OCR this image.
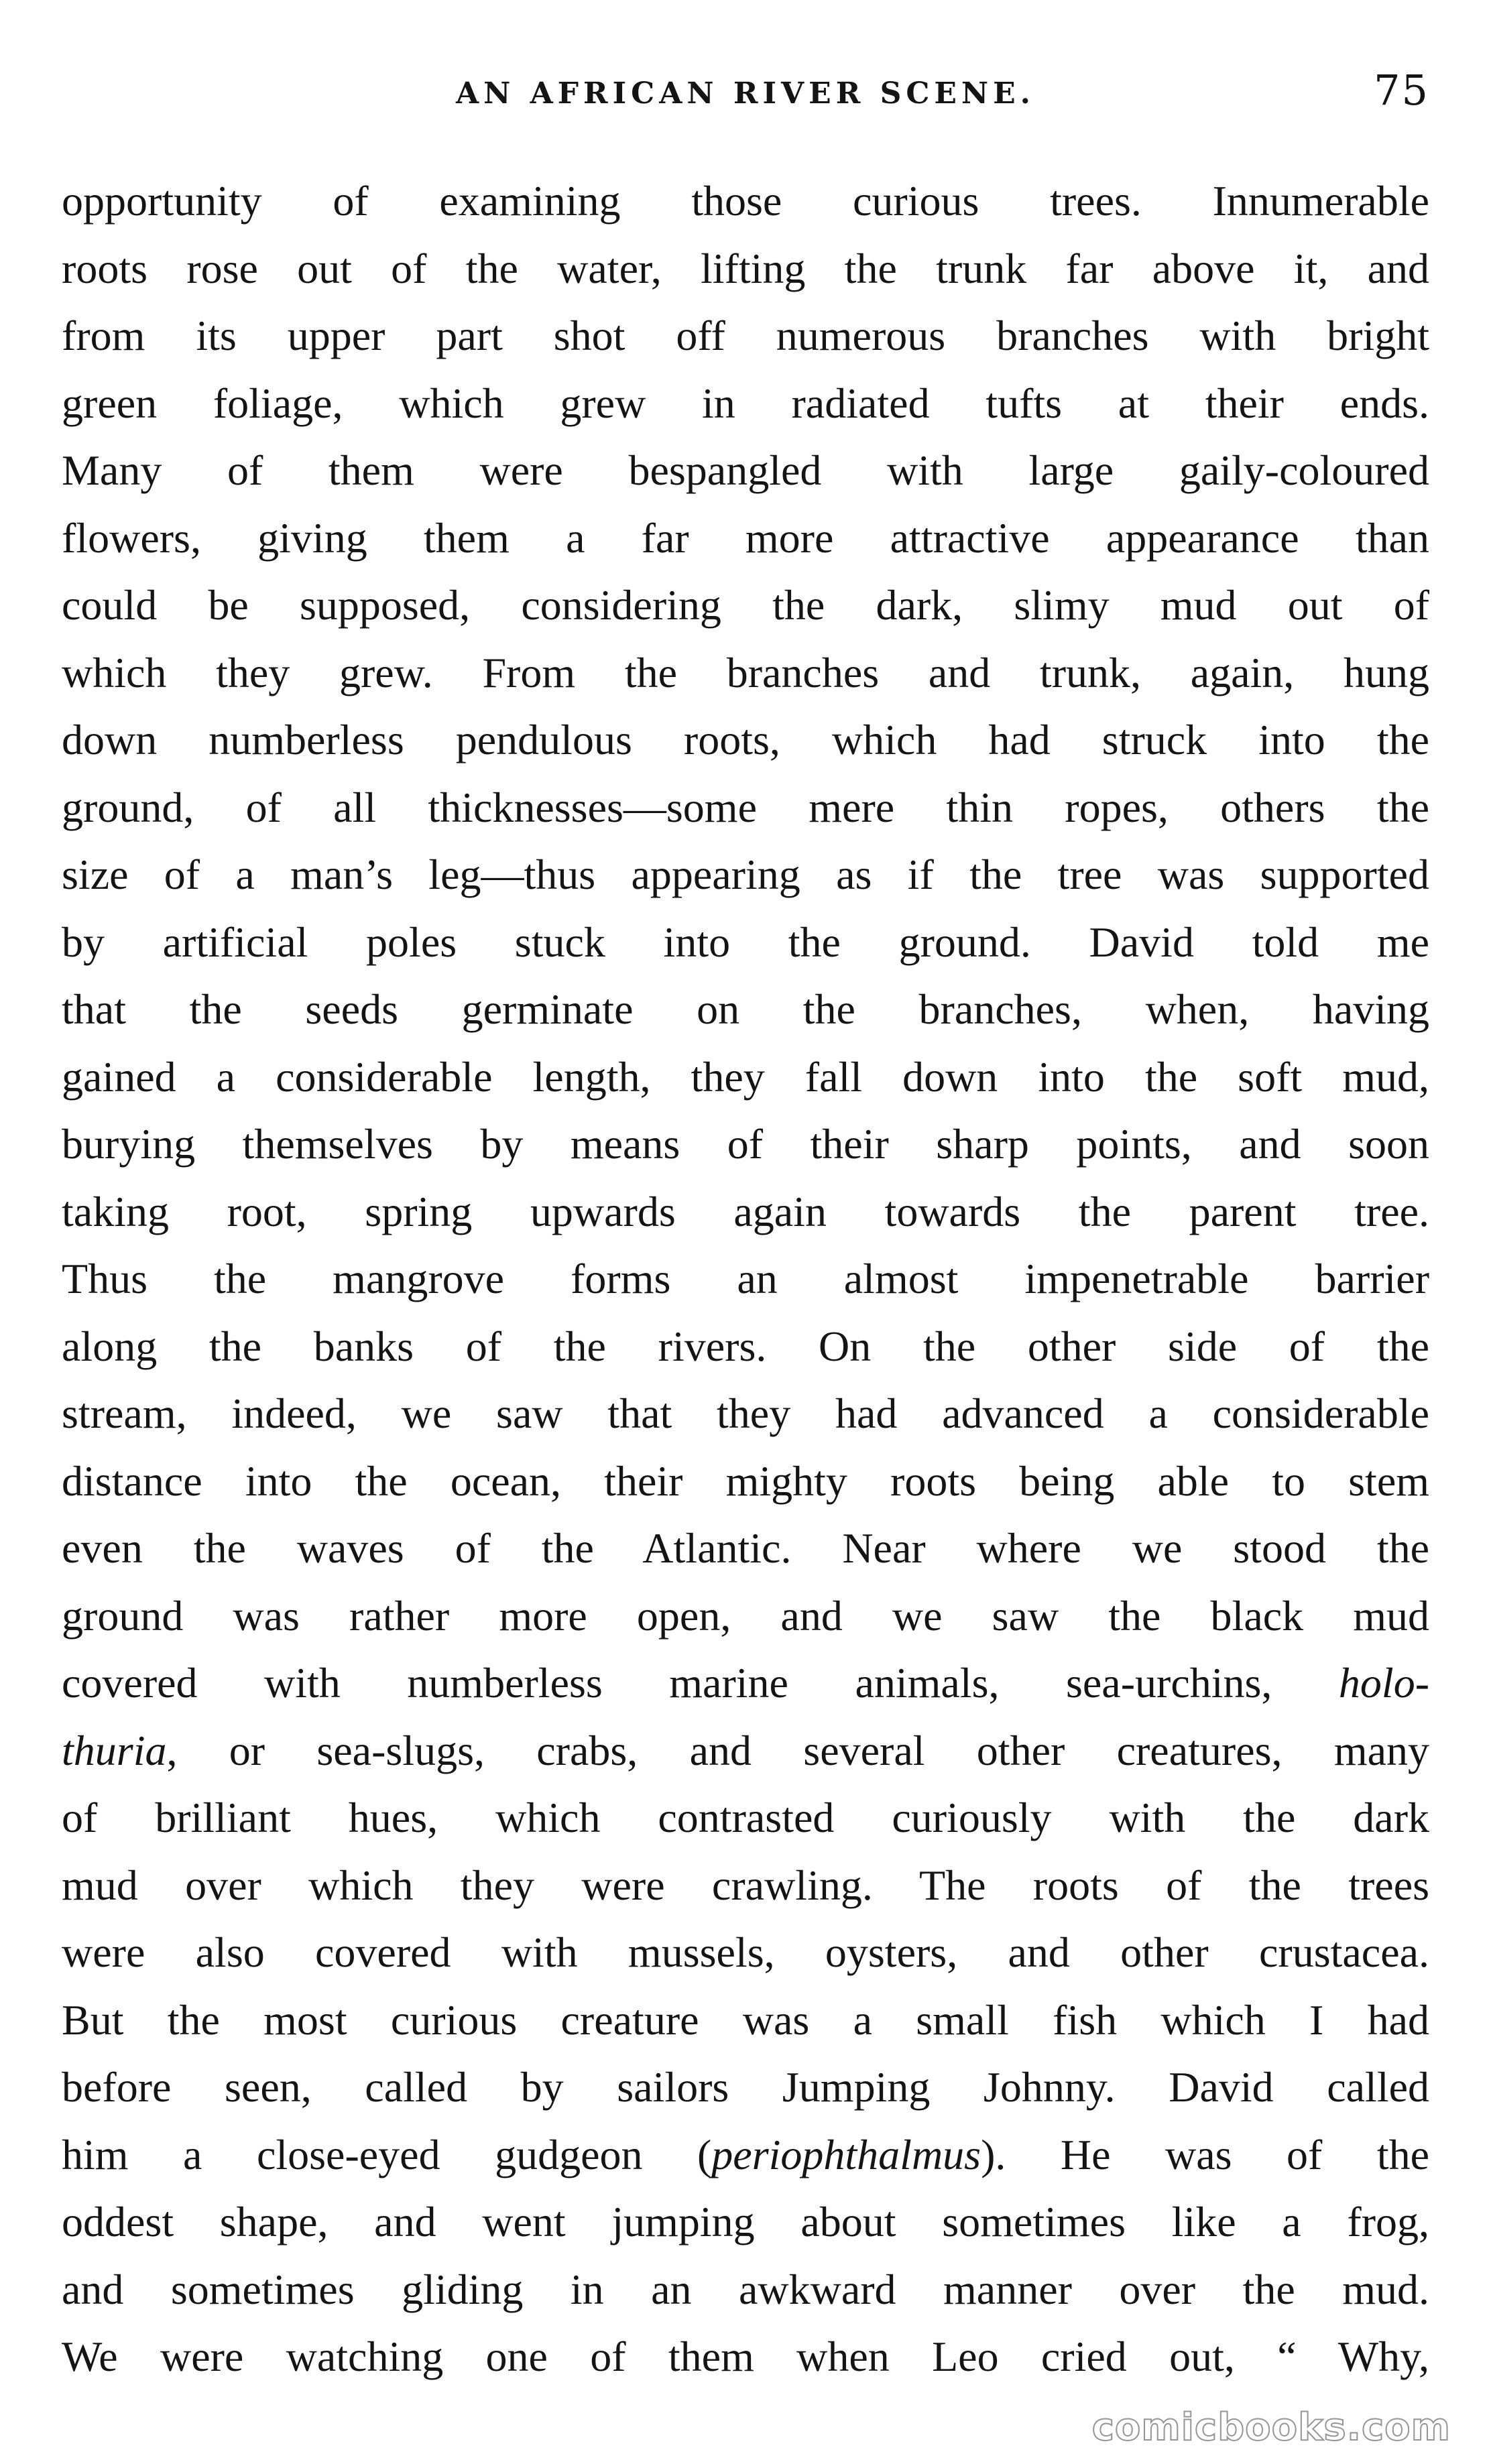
AN AFRICAN RIVER SCENE.	75
opportunity of examining those curious trees. Innumerable
roots rose out of the water, lifting the trunk far above it, and
from its upper part shot off numerous branches with bright
green foliage, which grew in radiated tufts at their ends.
Many of them were bespangled with large gaily-coloured
flowers, giving them a far more attractive appearance than
could be supposed, considering the dark, slimy mud out of
which they grew. From the branches and trunk, again, hung
down numberless pendulous roots, which had struck into the
ground, of all thicknesses—some mere thin ropes, others the
size of a man’s leg—thus appearing as if the tree was supported
by artificial poles stuck into the ground. David told me
that the seeds germinate on the branches, when, having
gained a considerable length, they fall down into the soft mud,
burying themselves by means of their sharp points, and soon
taking root, spring upwards again towards the parent tree.
Thus the mangrove forms an almost impenetrable barrier
along the banks of the rivers. On the other side of the
stream, indeed, we saw that they had advanced a considerable
distance into the ocean, their mighty roots being able to stem
even the waves of the Atlantic. Near where we stood the
ground was rather more open, and we saw the black mud
covered with numberless marine animals, sea-urchins, holo-
thuria, or sea-slugs, crabs, and several other creatures, many
of brilliant hues, which contrasted curiously with the dark
mud over which they were crawling. The roots of the trees
were also covered with mussels, oysters, and other crustacea.
But the most curious creature was a small fish which I had
before seen, called by sailors Jumping Johnny. David called
him a close-eyed gudgeon (periophthalmus). He was of the
oddest shape, and went jumping about sometimes like a frog,
and sometimes gliding in an awkward manner over the mud.
We were watching one of them when Leo cried out, “ Why,
comicbooks.com
